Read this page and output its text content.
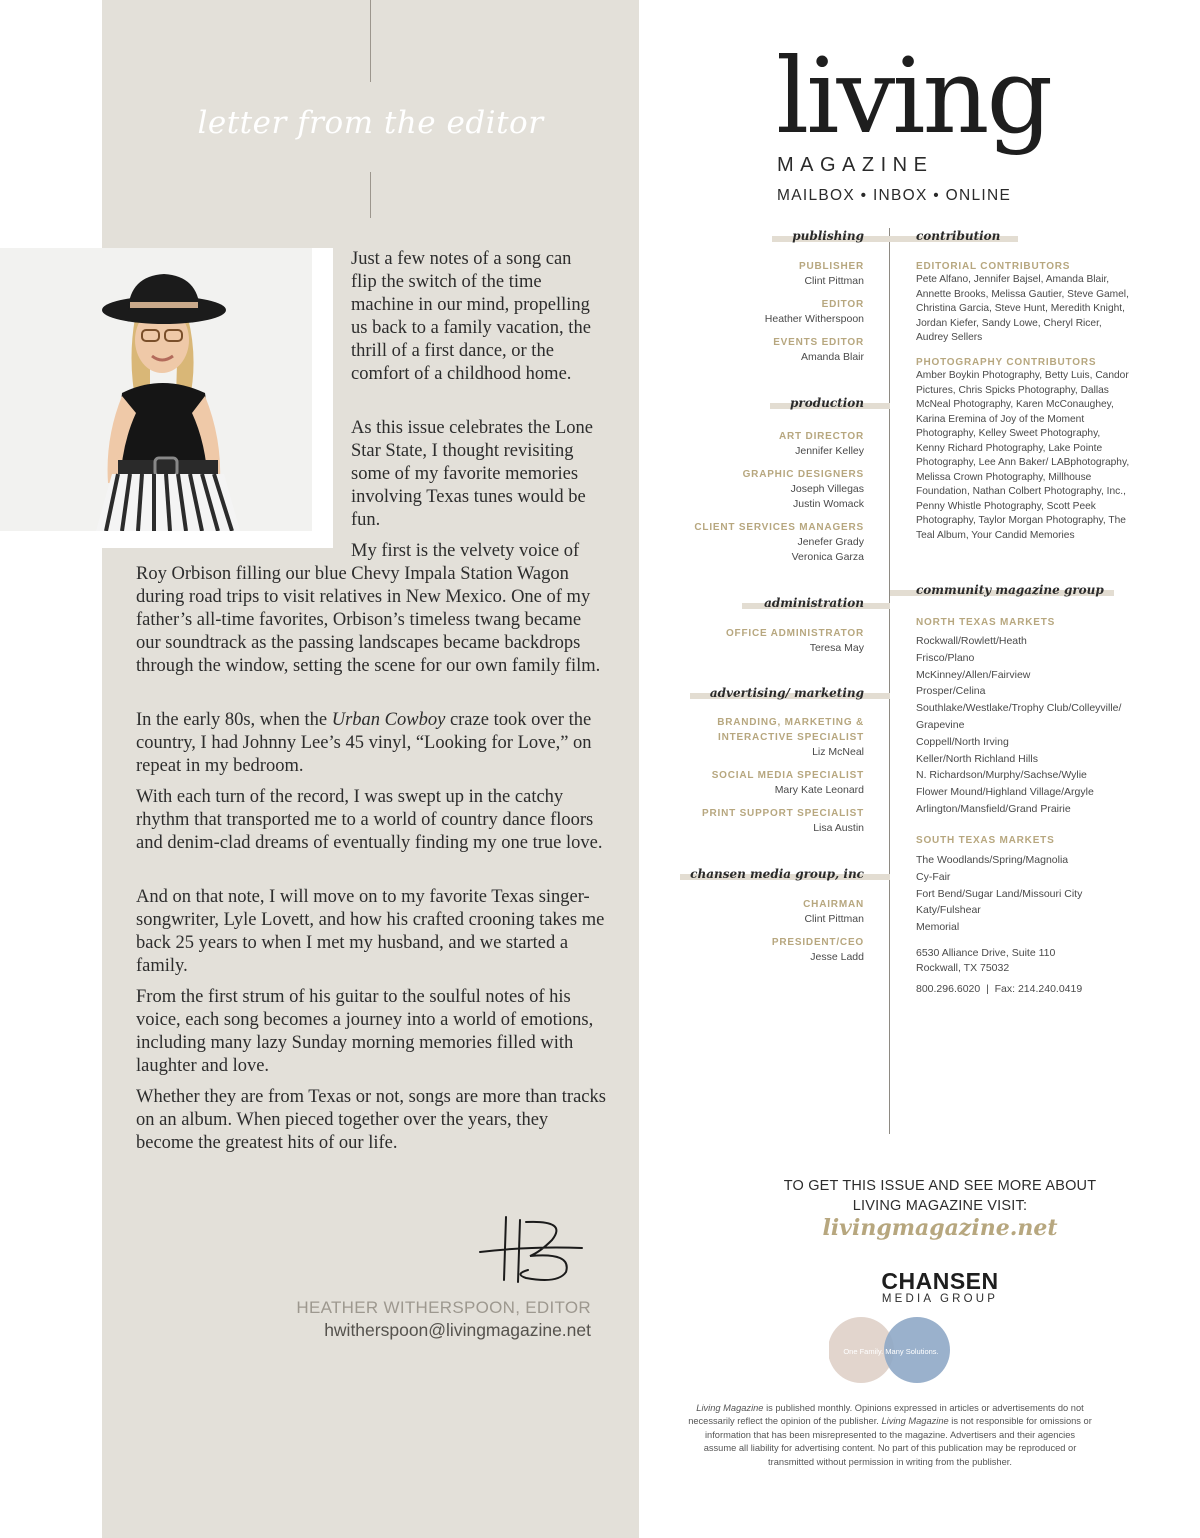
letter from the editor

Just a few notes of a song can flip the switch of the time machine in our mind, propelling us back to a family vacation, the thrill of a first dance, or the comfort of a childhood home.

As this issue celebrates the Lone Star State, I thought revisiting some of my favorite memories involving Texas tunes would be fun.

My first is the velvety voice of

Roy Orbison filling our blue Chevy Impala Station Wagon during road trips to visit relatives in New Mexico. One of my father’s all-time favorites, Orbison’s timeless twang became our soundtrack as the passing landscapes became backdrops through the window, setting the scene for our own family film.

In the early 80s, when the Urban Cowboy craze took over the country, I had Johnny Lee’s 45 vinyl, “Looking for Love,” on repeat in my bedroom.

With each turn of the record, I was swept up in the catchy rhythm that transported me to a world of country dance floors and denim-clad dreams of eventually finding my one true love.

And on that note, I will move on to my favorite Texas singer-songwriter, Lyle Lovett, and how his crafted crooning takes me back 25 years to when I met my husband, and we started a family.

From the first strum of his guitar to the soulful notes of his voice, each song becomes a journey into a world of emotions, including many lazy Sunday morning memories filled with laughter and love.

Whether they are from Texas or not, songs are more than tracks on an album. When pieced together over the years, they become the greatest hits of our life.

HEATHER WITHERSPOON, EDITOR
hwitherspoon@livingmagazine.net
living
MAGAZINE
MAILBOX • INBOX • ONLINE
publishing	contribution
production
community magazine group
administration
advertising/ marketing
chansen media group, inc
PUBLISHER
Clint Pittman
EDITOR
Heather Witherspoon
EVENTS EDITOR
Amanda Blair
ART DIRECTOR
Jennifer Kelley
GRAPHIC DESIGNERS
Joseph Villegas
Justin Womack
CLIENT SERVICES MANAGERS
Jenefer Grady
Veronica Garza
OFFICE ADMINISTRATOR
Teresa May
BRANDING, MARKETING &
INTERACTIVE SPECIALIST
Liz McNeal
SOCIAL MEDIA SPECIALIST
Mary Kate Leonard
PRINT SUPPORT SPECIALIST
Lisa Austin
CHAIRMAN
Clint Pittman
PRESIDENT/CEO
Jesse Ladd
EDITORIAL CONTRIBUTORS
Pete Alfano, Jennifer Bajsel, Amanda Blair, Annette Brooks, Melissa Gautier, Steve Gamel, Christina Garcia, Steve Hunt, Meredith Knight, Jordan Kiefer, Sandy Lowe, Cheryl Ricer, Audrey Sellers
PHOTOGRAPHY CONTRIBUTORS
Amber Boykin Photography, Betty Luis, Candor Pictures, Chris Spicks Photography, Dallas McNeal Photography, Karen McConaughey, Karina Eremina of Joy of the Moment Photography, Kelley Sweet Photography, Kenny Richard Photography, Lake Pointe Photography, Lee Ann Baker/ LABphotography, Melissa Crown Photography, Millhouse Foundation, Nathan Colbert Photography, Inc., Penny Whistle Photography, Scott Peek Photography, Taylor Morgan Photography, The Teal Album, Your Candid Memories
NORTH TEXAS MARKETS
Rockwall/Rowlett/Heath
Frisco/Plano
McKinney/Allen/Fairview
Prosper/Celina
Southlake/Westlake/Trophy Club/Colleyville/
Grapevine
Coppell/North Irving
Keller/North Richland Hills
N. Richardson/Murphy/Sachse/Wylie
Flower Mound/Highland Village/Argyle
Arlington/Mansfield/Grand Prairie
SOUTH TEXAS MARKETS
The Woodlands/Spring/Magnolia
Cy-Fair
Fort Bend/Sugar Land/Missouri City
Katy/Fulshear
Memorial
6530 Alliance Drive, Suite 110
Rockwall, TX 75032
800.296.6020  |  Fax: 214.240.0419
TO GET THIS ISSUE AND SEE MORE ABOUT
LIVING MAGAZINE VISIT:
livingmagazine.net
CHANSEN
MEDIA GROUP
One Family. Many Solutions.
Living Magazine is published monthly. Opinions expressed in articles or advertisements do not necessarily reflect the opinion of the publisher. Living Magazine is not responsible for omissions or information that has been misrepresented to the magazine. Advertisers and their agencies assume all liability for advertising content. No part of this publication may be reproduced or transmitted without permission in writing from the publisher.
